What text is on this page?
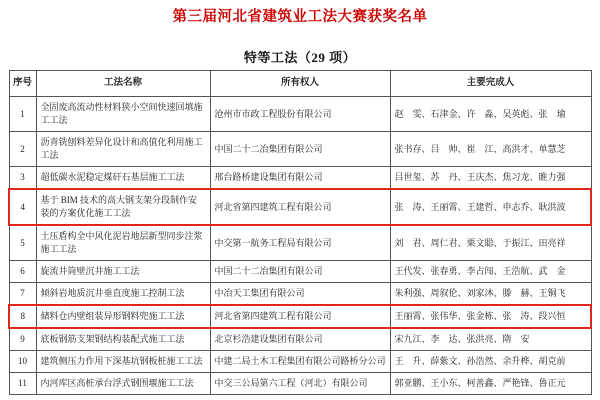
第三届河北省建筑业工法大赛获奖名单
特等工法（29 项）
序号	工法名称	所有权人	主要完成人
1	全固废高流动性材料狭小空间快速回填施工工法	沧州市市政工程股份有限公司	赵　雯、石津金、许　淼、吴英彪、张　瑜
2	沥青铣刨料差异化设计和高值化利用施工工法	中国二十二冶集团有限公司	张书存、吕　帅、崔　江、高洪才、单慧芝
3	超低碳水泥稳定煤矸石基层施工工法	邢台路桥建设集团有限公司	吕世玺、苏　丹、王庆杰、焦习龙、睢力强
4	基于 BIM 技术的高大钢支架分段制作安装的方案优化施工工法	河北省第四建筑工程有限公司	张　涛、王丽霄、王建哲、申志乔、耿洪波
5	土压盾构全中风化泥岩地层新型同步注浆施工工法	中交第一航务工程局有限公司	刘　君、周仁君、栗文聪、于振江、田亮祥
6	旋流井筒壁沉井施工工法	中国二十二冶集团有限公司	王代发、张春勇、李占闯、王浩航、武　金
7	倾斜岩地质沉井垂直度施工控制工法	中冶天工集团有限公司	朱利强、周叙伦、刘家沐、滕　赫、王铜飞
8	储料仓内壁组装异形钢料兜施工工法	河北省第四建筑工程有限公司	王丽霄、张伟华、张金栋、张　涛、段兴恒
9	底板钢筋支架钢结构装配式施工工法	北京杉浩建设集团有限公司	宋九江、李　达、张洪亮、隋　安
10	建筑侧压力作用下深基坑钢板桩施工工法	中建二局土木工程集团有限公司路桥分公司	王　升、薛紫文、孙浩然、余升桦、胡克前
11	内河库区高桩承台浮式钢围堰施工工法	中交三公局第六工程（河北）有限公司	郭亚鹏、王小东、柯善鑫、严艳锋、鲁正元
